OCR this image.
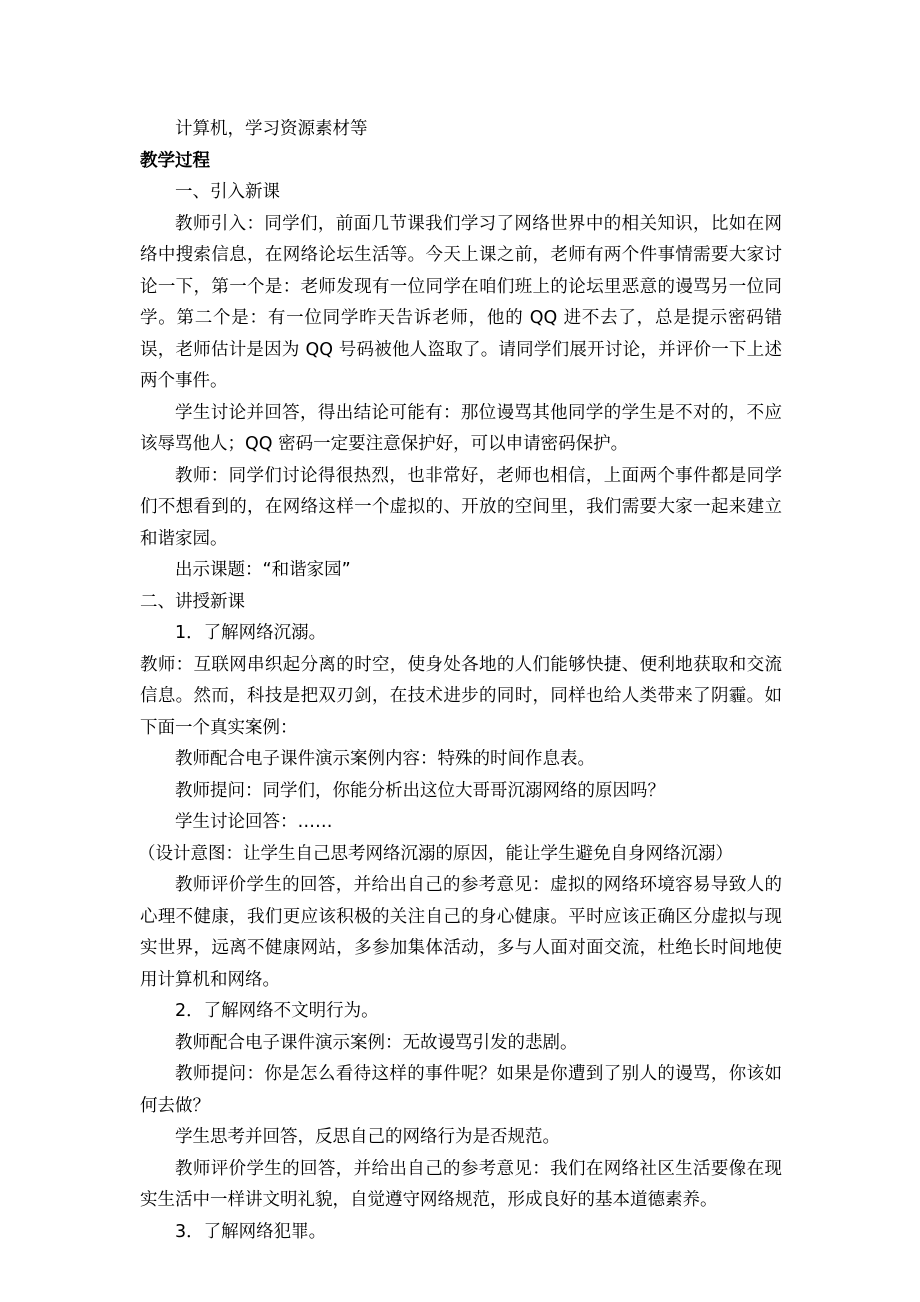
计算机，学习资源素材等

教学过程

一、引入新课

教师引入：同学们，前面几节课我们学习了网络世界中的相关知识，比如在网络中搜索信息，在网络论坛生活等。今天上课之前，老师有两个件事情需要大家讨论一下，第一个是：老师发现有一位同学在咱们班上的论坛里恶意的谩骂另一位同学。第二个是：有一位同学昨天告诉老师，他的 QQ 进不去了，总是提示密码错误，老师估计是因为 QQ 号码被他人盗取了。请同学们展开讨论，并评价一下上述两个事件。

学生讨论并回答，得出结论可能有：那位谩骂其他同学的学生是不对的，不应该辱骂他人；QQ 密码一定要注意保护好，可以申请密码保护。

教师：同学们讨论得很热烈，也非常好，老师也相信，上面两个事件都是同学们不想看到的，在网络这样一个虚拟的、开放的空间里，我们需要大家一起来建立和谐家园。

出示课题：“和谐家园”

二、讲授新课

1．了解网络沉溺。

教师：互联网串织起分离的时空，使身处各地的人们能够快捷、便利地获取和交流信息。然而，科技是把双刃剑，在技术进步的同时，同样也给人类带来了阴霾。如下面一个真实案例：

教师配合电子课件演示案例内容：特殊的时间作息表。

教师提问：同学们，你能分析出这位大哥哥沉溺网络的原因吗？

学生讨论回答：……

（设计意图：让学生自己思考网络沉溺的原因，能让学生避免自身网络沉溺）

教师评价学生的回答，并给出自己的参考意见：虚拟的网络环境容易导致人的心理不健康，我们更应该积极的关注自己的身心健康。平时应该正确区分虚拟与现实世界，远离不健康网站，多参加集体活动，多与人面对面交流，杜绝长时间地使用计算机和网络。

2．了解网络不文明行为。

教师配合电子课件演示案例：无故谩骂引发的悲剧。

教师提问：你是怎么看待这样的事件呢？如果是你遭到了别人的谩骂，你该如何去做？

学生思考并回答，反思自己的网络行为是否规范。

教师评价学生的回答，并给出自己的参考意见：我们在网络社区生活要像在现实生活中一样讲文明礼貌，自觉遵守网络规范，形成良好的基本道德素养。

3．了解网络犯罪。
